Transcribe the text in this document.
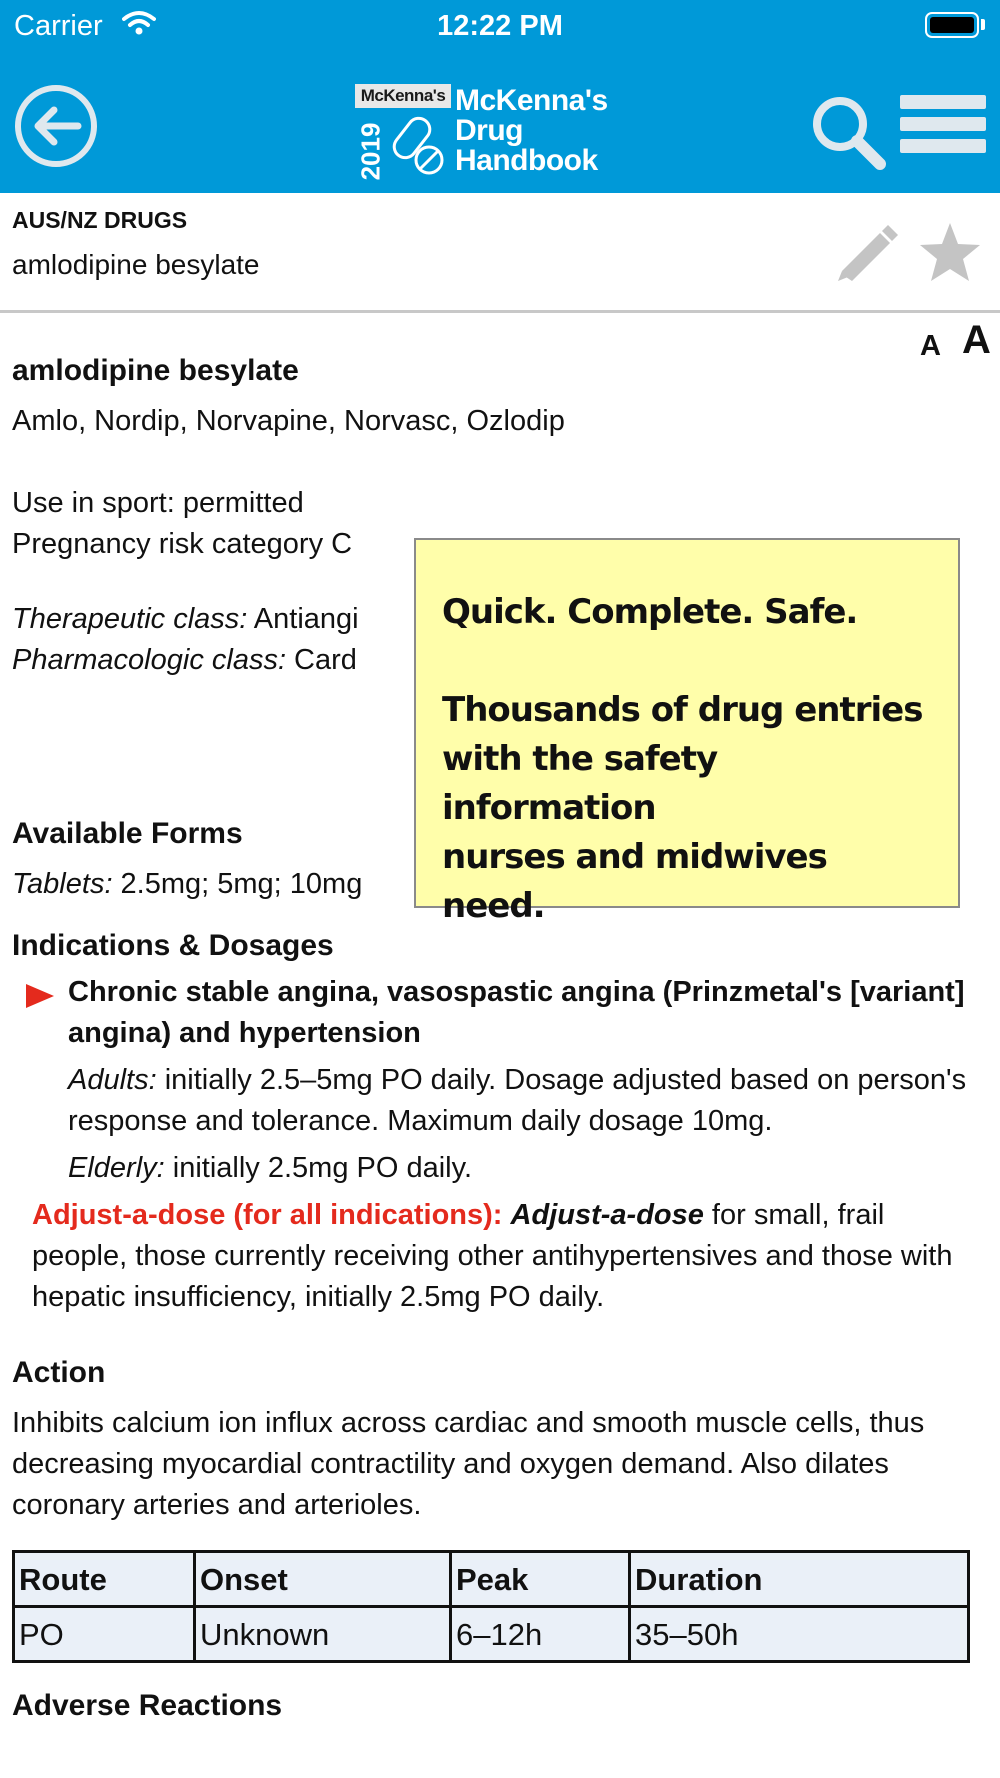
Carrier	12:22 PM
McKenna's
2019
McKenna's
Drug
Handbook
AUS/NZ DRUGS
amlodipine besylate
A A
amlodipine besylate
Amlo, Nordip, Norvapine, Norvasc, Ozlodip
Use in sport: permitted
Pregnancy risk category C
Therapeutic class: Antiangi
Pharmacologic class: Card
Available Forms
Tablets: 2.5mg; 5mg; 10mg
Indications & Dosages
Chronic stable angina, vasospastic angina (Prinzmetal's [variant] angina) and hypertension
Adults: initially 2.5–5mg PO daily. Dosage adjusted based on person's response and tolerance. Maximum daily dosage 10mg.
Elderly: initially 2.5mg PO daily.
Adjust-a-dose (for all indications): Adjust-a-dose for small, frail people, those currently receiving other antihypertensives and those with hepatic insufficiency, initially 2.5mg PO daily.
Action
Inhibits calcium ion influx across cardiac and smooth muscle cells, thus decreasing myocardial contractility and oxygen demand. Also dilates coronary arteries and arterioles.
Route	Onset	Peak	Duration
PO	Unknown	6–12h	35–50h
Adverse Reactions
Quick. Complete. Safe.
Thousands of drug entries
with the safety information
nurses and midwives need.
